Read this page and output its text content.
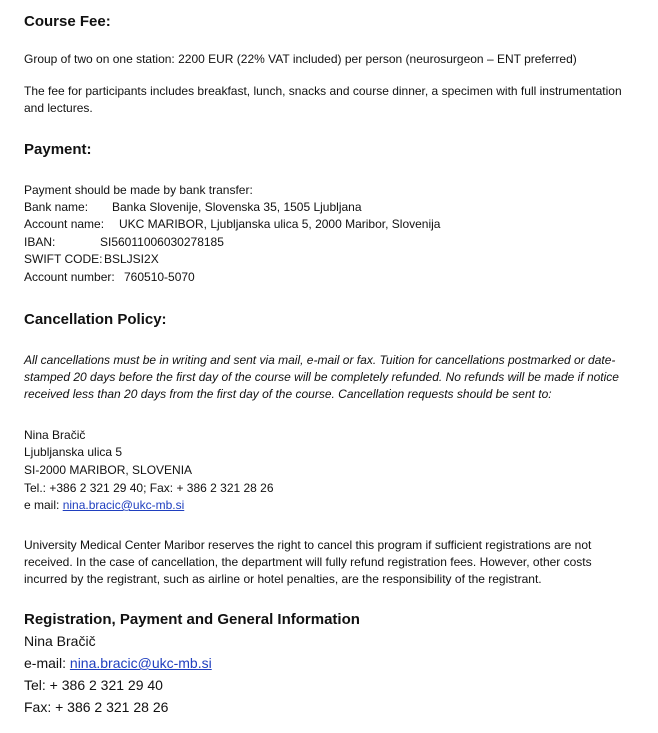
Course Fee:
Group of two on one station: 2200 EUR (22% VAT included) per person (neurosurgeon – ENT preferred)
The fee for participants includes breakfast, lunch, snacks and course dinner, a specimen with full instrumentation and lectures.
Payment:
Payment should be made by bank transfer:
Bank name: Banka Slovenije, Slovenska 35, 1505 Ljubljana
Account name: UKC MARIBOR, Ljubljanska ulica 5, 2000 Maribor, Slovenija
IBAN:	SI56011006030278185
SWIFT CODE: BSLJSI2X
Account number: 760510-5070
Cancellation Policy:
All cancellations must be in writing and sent via mail, e-mail or fax. Tuition for cancellations postmarked or date-stamped 20 days before the first day of the course will be completely refunded. No refunds will be made if notice received less than 20 days from the first day of the course. Cancellation requests should be sent to:
Nina Bračič
Ljubljanska ulica 5
SI-2000 MARIBOR, SLOVENIA
Tel.: +386 2 321 29 40; Fax: + 386 2 321 28 26
e mail: nina.bracic@ukc-mb.si
University Medical Center Maribor reserves the right to cancel this program if sufficient registrations are not received. In the case of cancellation, the department will fully refund registration fees. However, other costs incurred by the registrant, such as airline or hotel penalties, are the responsibility of the registrant.
Registration, Payment and General Information
Nina Bračič
e-mail: nina.bracic@ukc-mb.si
Tel: + 386 2 321 29 40
Fax: + 386 2 321 28 26
